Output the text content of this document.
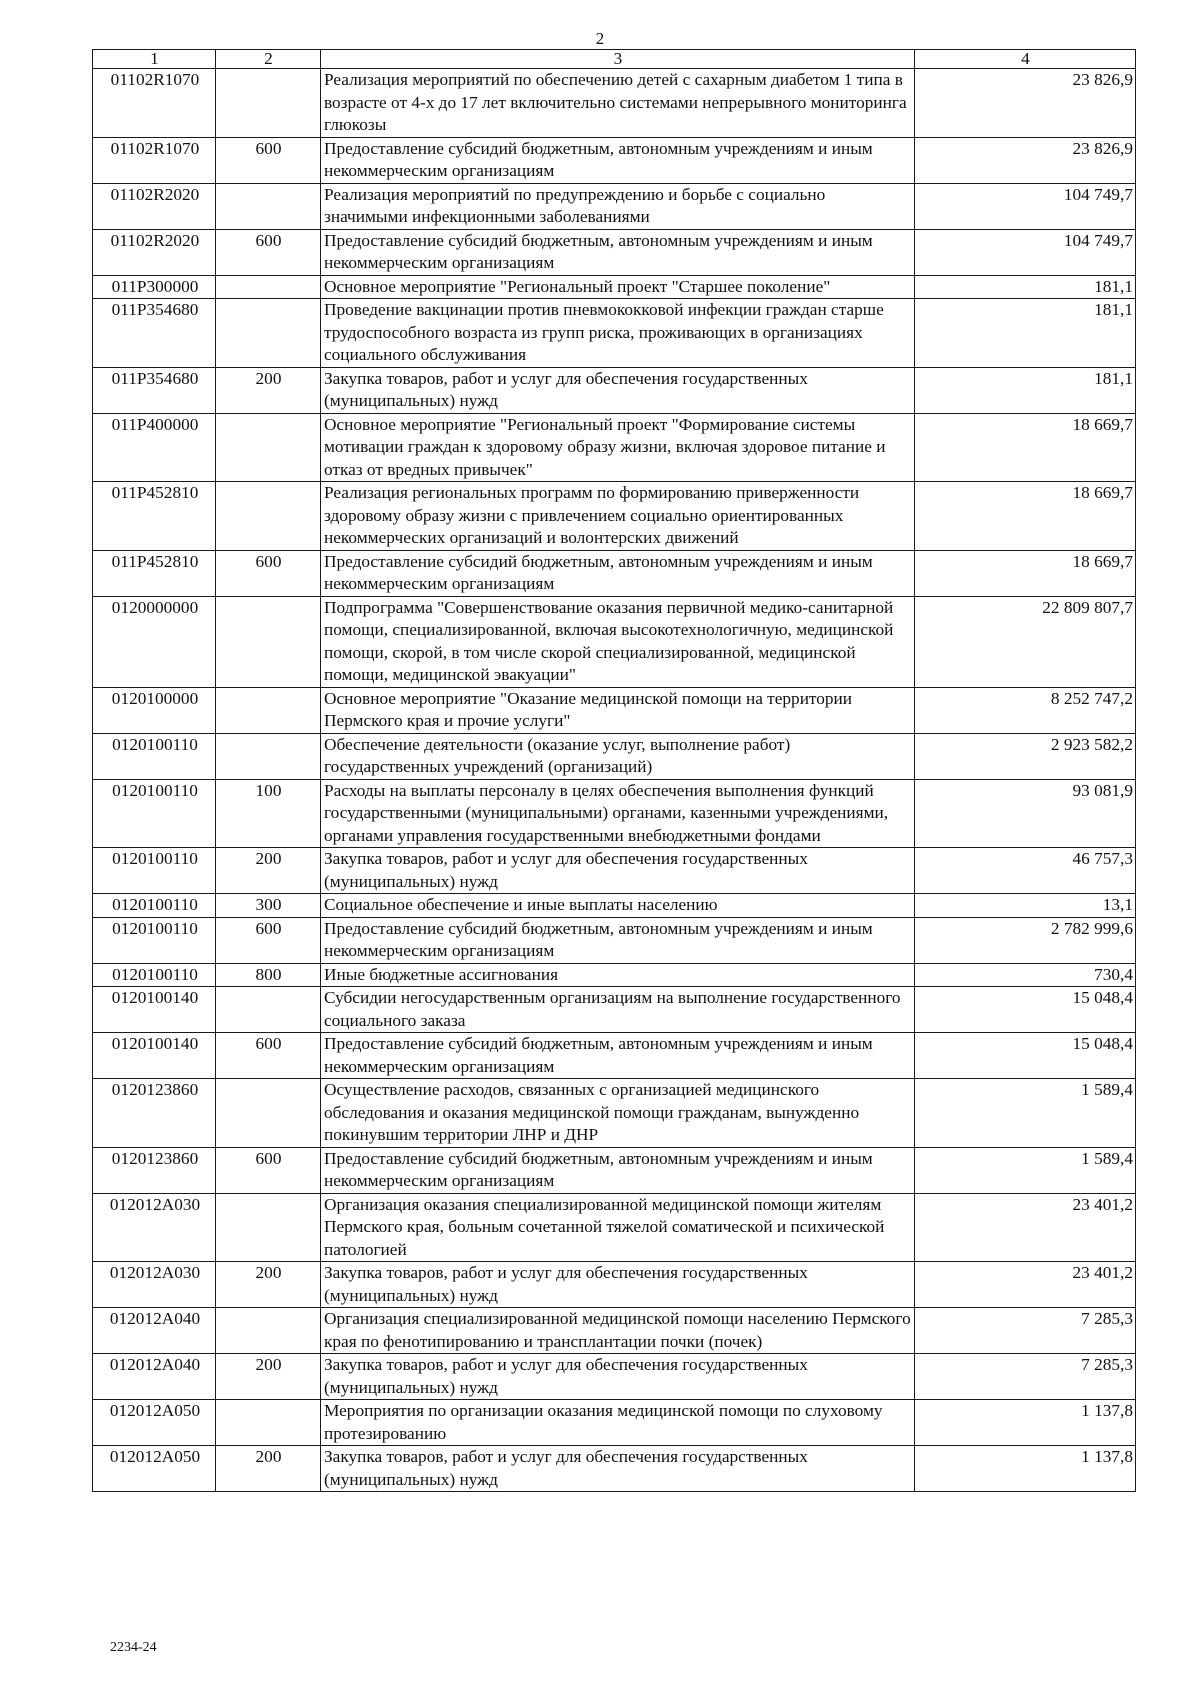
2
1	2	3	4
01102R1070		Реализация мероприятий по обеспечению детей с сахарным диабетом 1 типа в возрасте от 4-х до 17 лет включительно системами непрерывного мониторинга глюкозы	23 826,9
01102R1070	600	Предоставление субсидий бюджетным, автономным учреждениям и иным некоммерческим организациям	23 826,9
01102R2020		Реализация мероприятий по предупреждению и борьбе с социально значимыми инфекционными заболеваниями	104 749,7
01102R2020	600	Предоставление субсидий бюджетным, автономным учреждениям и иным некоммерческим организациям	104 749,7
011P300000		Основное мероприятие "Региональный проект "Старшее поколение"	181,1
011P354680		Проведение вакцинации против пневмококковой инфекции граждан старше трудоспособного возраста из групп риска, проживающих в организациях социального обслуживания	181,1
011P354680	200	Закупка товаров, работ и услуг для обеспечения государственных (муниципальных) нужд	181,1
011P400000		Основное мероприятие "Региональный проект "Формирование системы мотивации граждан к здоровому образу жизни, включая здоровое питание и отказ от вредных привычек"	18 669,7
011P452810		Реализация региональных программ по формированию приверженности здоровому образу жизни с привлечением социально ориентированных некоммерческих организаций и волонтерских движений	18 669,7
011P452810	600	Предоставление субсидий бюджетным, автономным учреждениям и иным некоммерческим организациям	18 669,7
0120000000		Подпрограмма "Совершенствование оказания первичной медико-санитарной помощи, специализированной, включая высокотехнологичную, медицинской помощи, скорой, в том числе скорой специализированной, медицинской помощи, медицинской эвакуации"	22 809 807,7
0120100000		Основное мероприятие "Оказание медицинской помощи на территории Пермского края и прочие услуги"	8 252 747,2
0120100110		Обеспечение деятельности (оказание услуг, выполнение работ) государственных учреждений (организаций)	2 923 582,2
0120100110	100	Расходы на выплаты персоналу в целях обеспечения выполнения функций государственными (муниципальными) органами, казенными учреждениями, органами управления государственными внебюджетными фондами	93 081,9
0120100110	200	Закупка товаров, работ и услуг для обеспечения государственных (муниципальных) нужд	46 757,3
0120100110	300	Социальное обеспечение и иные выплаты населению	13,1
0120100110	600	Предоставление субсидий бюджетным, автономным учреждениям и иным некоммерческим организациям	2 782 999,6
0120100110	800	Иные бюджетные ассигнования	730,4
0120100140		Субсидии негосударственным организациям на выполнение государственного социального заказа	15 048,4
0120100140	600	Предоставление субсидий бюджетным, автономным учреждениям и иным некоммерческим организациям	15 048,4
0120123860		Осуществление расходов, связанных с организацией медицинского обследования и оказания медицинской помощи гражданам, вынужденно покинувшим территории ЛНР и ДНР	1 589,4
0120123860	600	Предоставление субсидий бюджетным, автономным учреждениям и иным некоммерческим организациям	1 589,4
012012А030		Организация оказания специализированной медицинской помощи жителям Пермского края, больным сочетанной тяжелой соматической и психической патологией	23 401,2
012012А030	200	Закупка товаров, работ и услуг для обеспечения государственных (муниципальных) нужд	23 401,2
012012А040		Организация специализированной медицинской помощи населению Пермского края по фенотипированию и трансплантации почки (почек)	7 285,3
012012А040	200	Закупка товаров, работ и услуг для обеспечения государственных (муниципальных) нужд	7 285,3
012012А050		Мероприятия по организации оказания медицинской помощи по слуховому протезированию	1 137,8
012012А050	200	Закупка товаров, работ и услуг для обеспечения государственных (муниципальных) нужд	1 137,8
2234-24
